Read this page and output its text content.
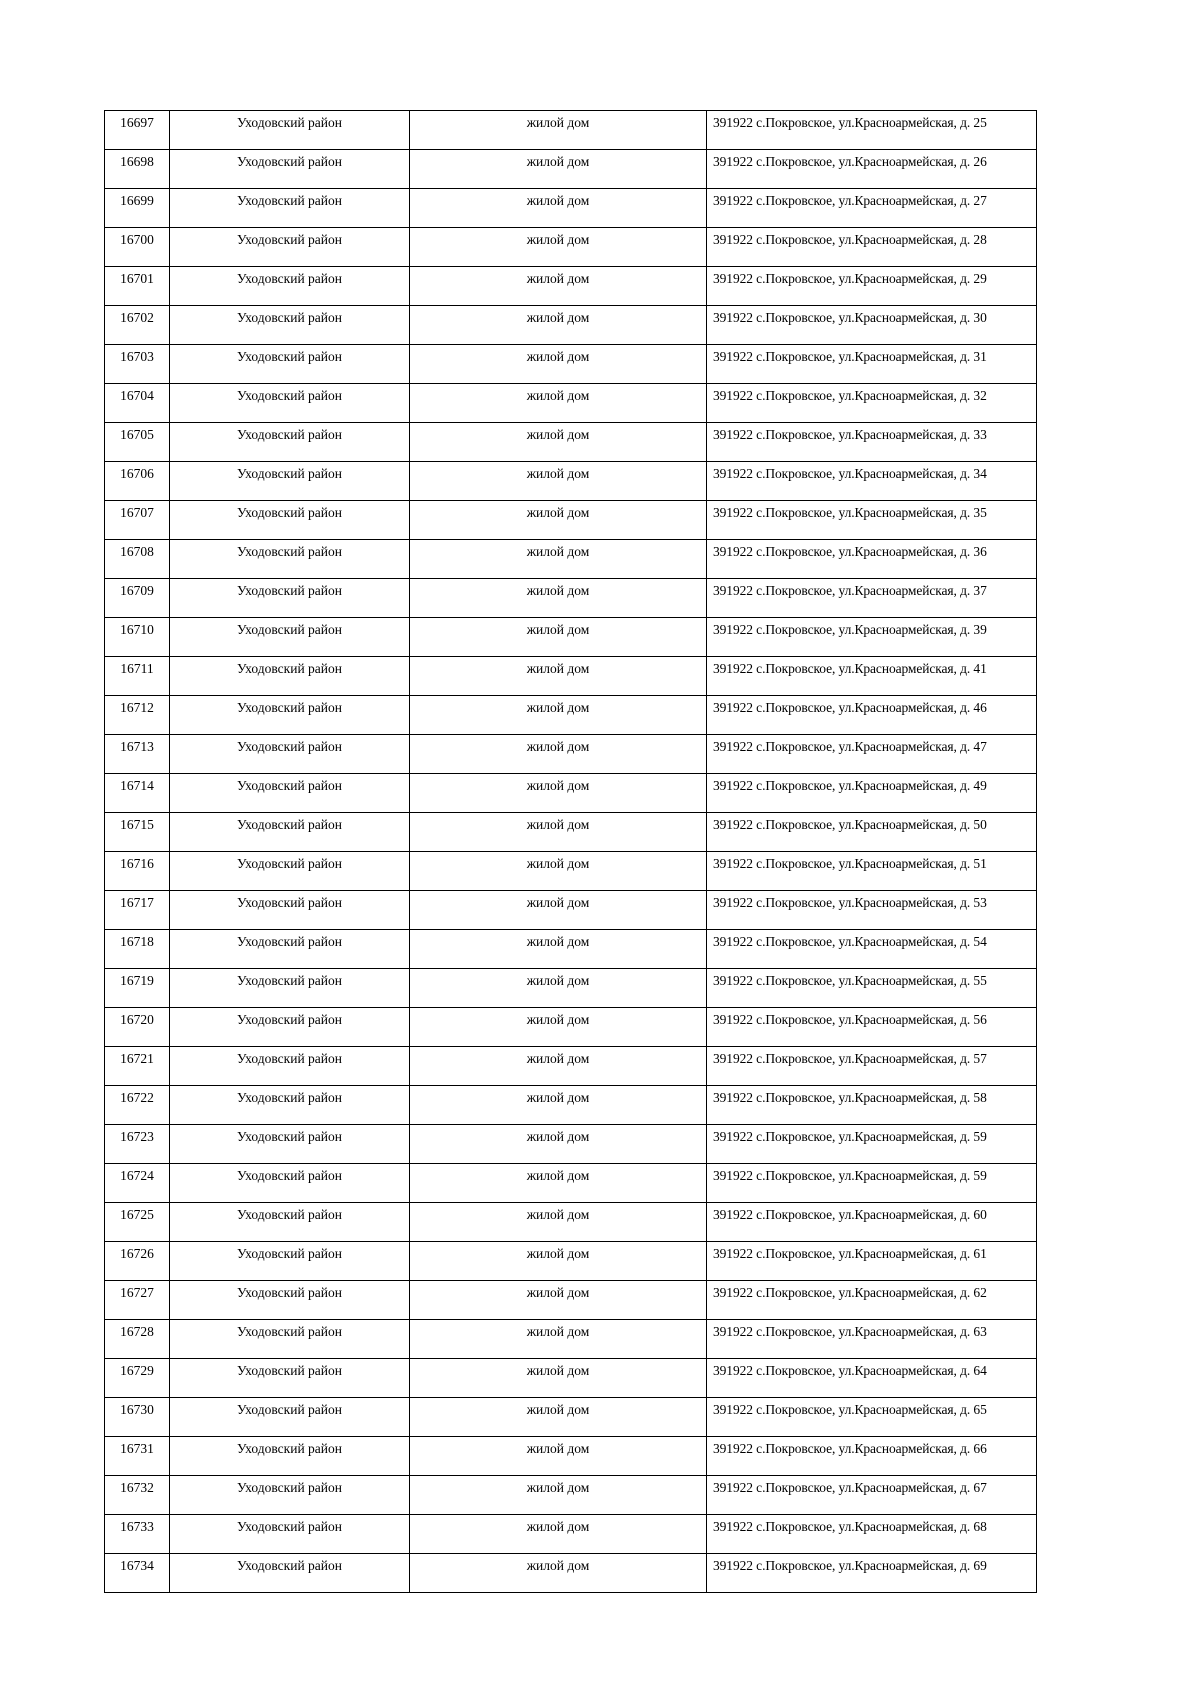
16697	Уходовский район	жилой дом	391922 с.Покровское, ул.Красноармейская, д. 25
16698	Уходовский район	жилой дом	391922 с.Покровское, ул.Красноармейская, д. 26
16699	Уходовский район	жилой дом	391922 с.Покровское, ул.Красноармейская, д. 27
16700	Уходовский район	жилой дом	391922 с.Покровское, ул.Красноармейская, д. 28
16701	Уходовский район	жилой дом	391922 с.Покровское, ул.Красноармейская, д. 29
16702	Уходовский район	жилой дом	391922 с.Покровское, ул.Красноармейская, д. 30
16703	Уходовский район	жилой дом	391922 с.Покровское, ул.Красноармейская, д. 31
16704	Уходовский район	жилой дом	391922 с.Покровское, ул.Красноармейская, д. 32
16705	Уходовский район	жилой дом	391922 с.Покровское, ул.Красноармейская, д. 33
16706	Уходовский район	жилой дом	391922 с.Покровское, ул.Красноармейская, д. 34
16707	Уходовский район	жилой дом	391922 с.Покровское, ул.Красноармейская, д. 35
16708	Уходовский район	жилой дом	391922 с.Покровское, ул.Красноармейская, д. 36
16709	Уходовский район	жилой дом	391922 с.Покровское, ул.Красноармейская, д. 37
16710	Уходовский район	жилой дом	391922 с.Покровское, ул.Красноармейская, д. 39
16711	Уходовский район	жилой дом	391922 с.Покровское, ул.Красноармейская, д. 41
16712	Уходовский район	жилой дом	391922 с.Покровское, ул.Красноармейская, д. 46
16713	Уходовский район	жилой дом	391922 с.Покровское, ул.Красноармейская, д. 47
16714	Уходовский район	жилой дом	391922 с.Покровское, ул.Красноармейская, д. 49
16715	Уходовский район	жилой дом	391922 с.Покровское, ул.Красноармейская, д. 50
16716	Уходовский район	жилой дом	391922 с.Покровское, ул.Красноармейская, д. 51
16717	Уходовский район	жилой дом	391922 с.Покровское, ул.Красноармейская, д. 53
16718	Уходовский район	жилой дом	391922 с.Покровское, ул.Красноармейская, д. 54
16719	Уходовский район	жилой дом	391922 с.Покровское, ул.Красноармейская, д. 55
16720	Уходовский район	жилой дом	391922 с.Покровское, ул.Красноармейская, д. 56
16721	Уходовский район	жилой дом	391922 с.Покровское, ул.Красноармейская, д. 57
16722	Уходовский район	жилой дом	391922 с.Покровское, ул.Красноармейская, д. 58
16723	Уходовский район	жилой дом	391922 с.Покровское, ул.Красноармейская, д. 59
16724	Уходовский район	жилой дом	391922 с.Покровское, ул.Красноармейская, д. 59
16725	Уходовский район	жилой дом	391922 с.Покровское, ул.Красноармейская, д. 60
16726	Уходовский район	жилой дом	391922 с.Покровское, ул.Красноармейская, д. 61
16727	Уходовский район	жилой дом	391922 с.Покровское, ул.Красноармейская, д. 62
16728	Уходовский район	жилой дом	391922 с.Покровское, ул.Красноармейская, д. 63
16729	Уходовский район	жилой дом	391922 с.Покровское, ул.Красноармейская, д. 64
16730	Уходовский район	жилой дом	391922 с.Покровское, ул.Красноармейская, д. 65
16731	Уходовский район	жилой дом	391922 с.Покровское, ул.Красноармейская, д. 66
16732	Уходовский район	жилой дом	391922 с.Покровское, ул.Красноармейская, д. 67
16733	Уходовский район	жилой дом	391922 с.Покровское, ул.Красноармейская, д. 68
16734	Уходовский район	жилой дом	391922 с.Покровское, ул.Красноармейская, д. 69
